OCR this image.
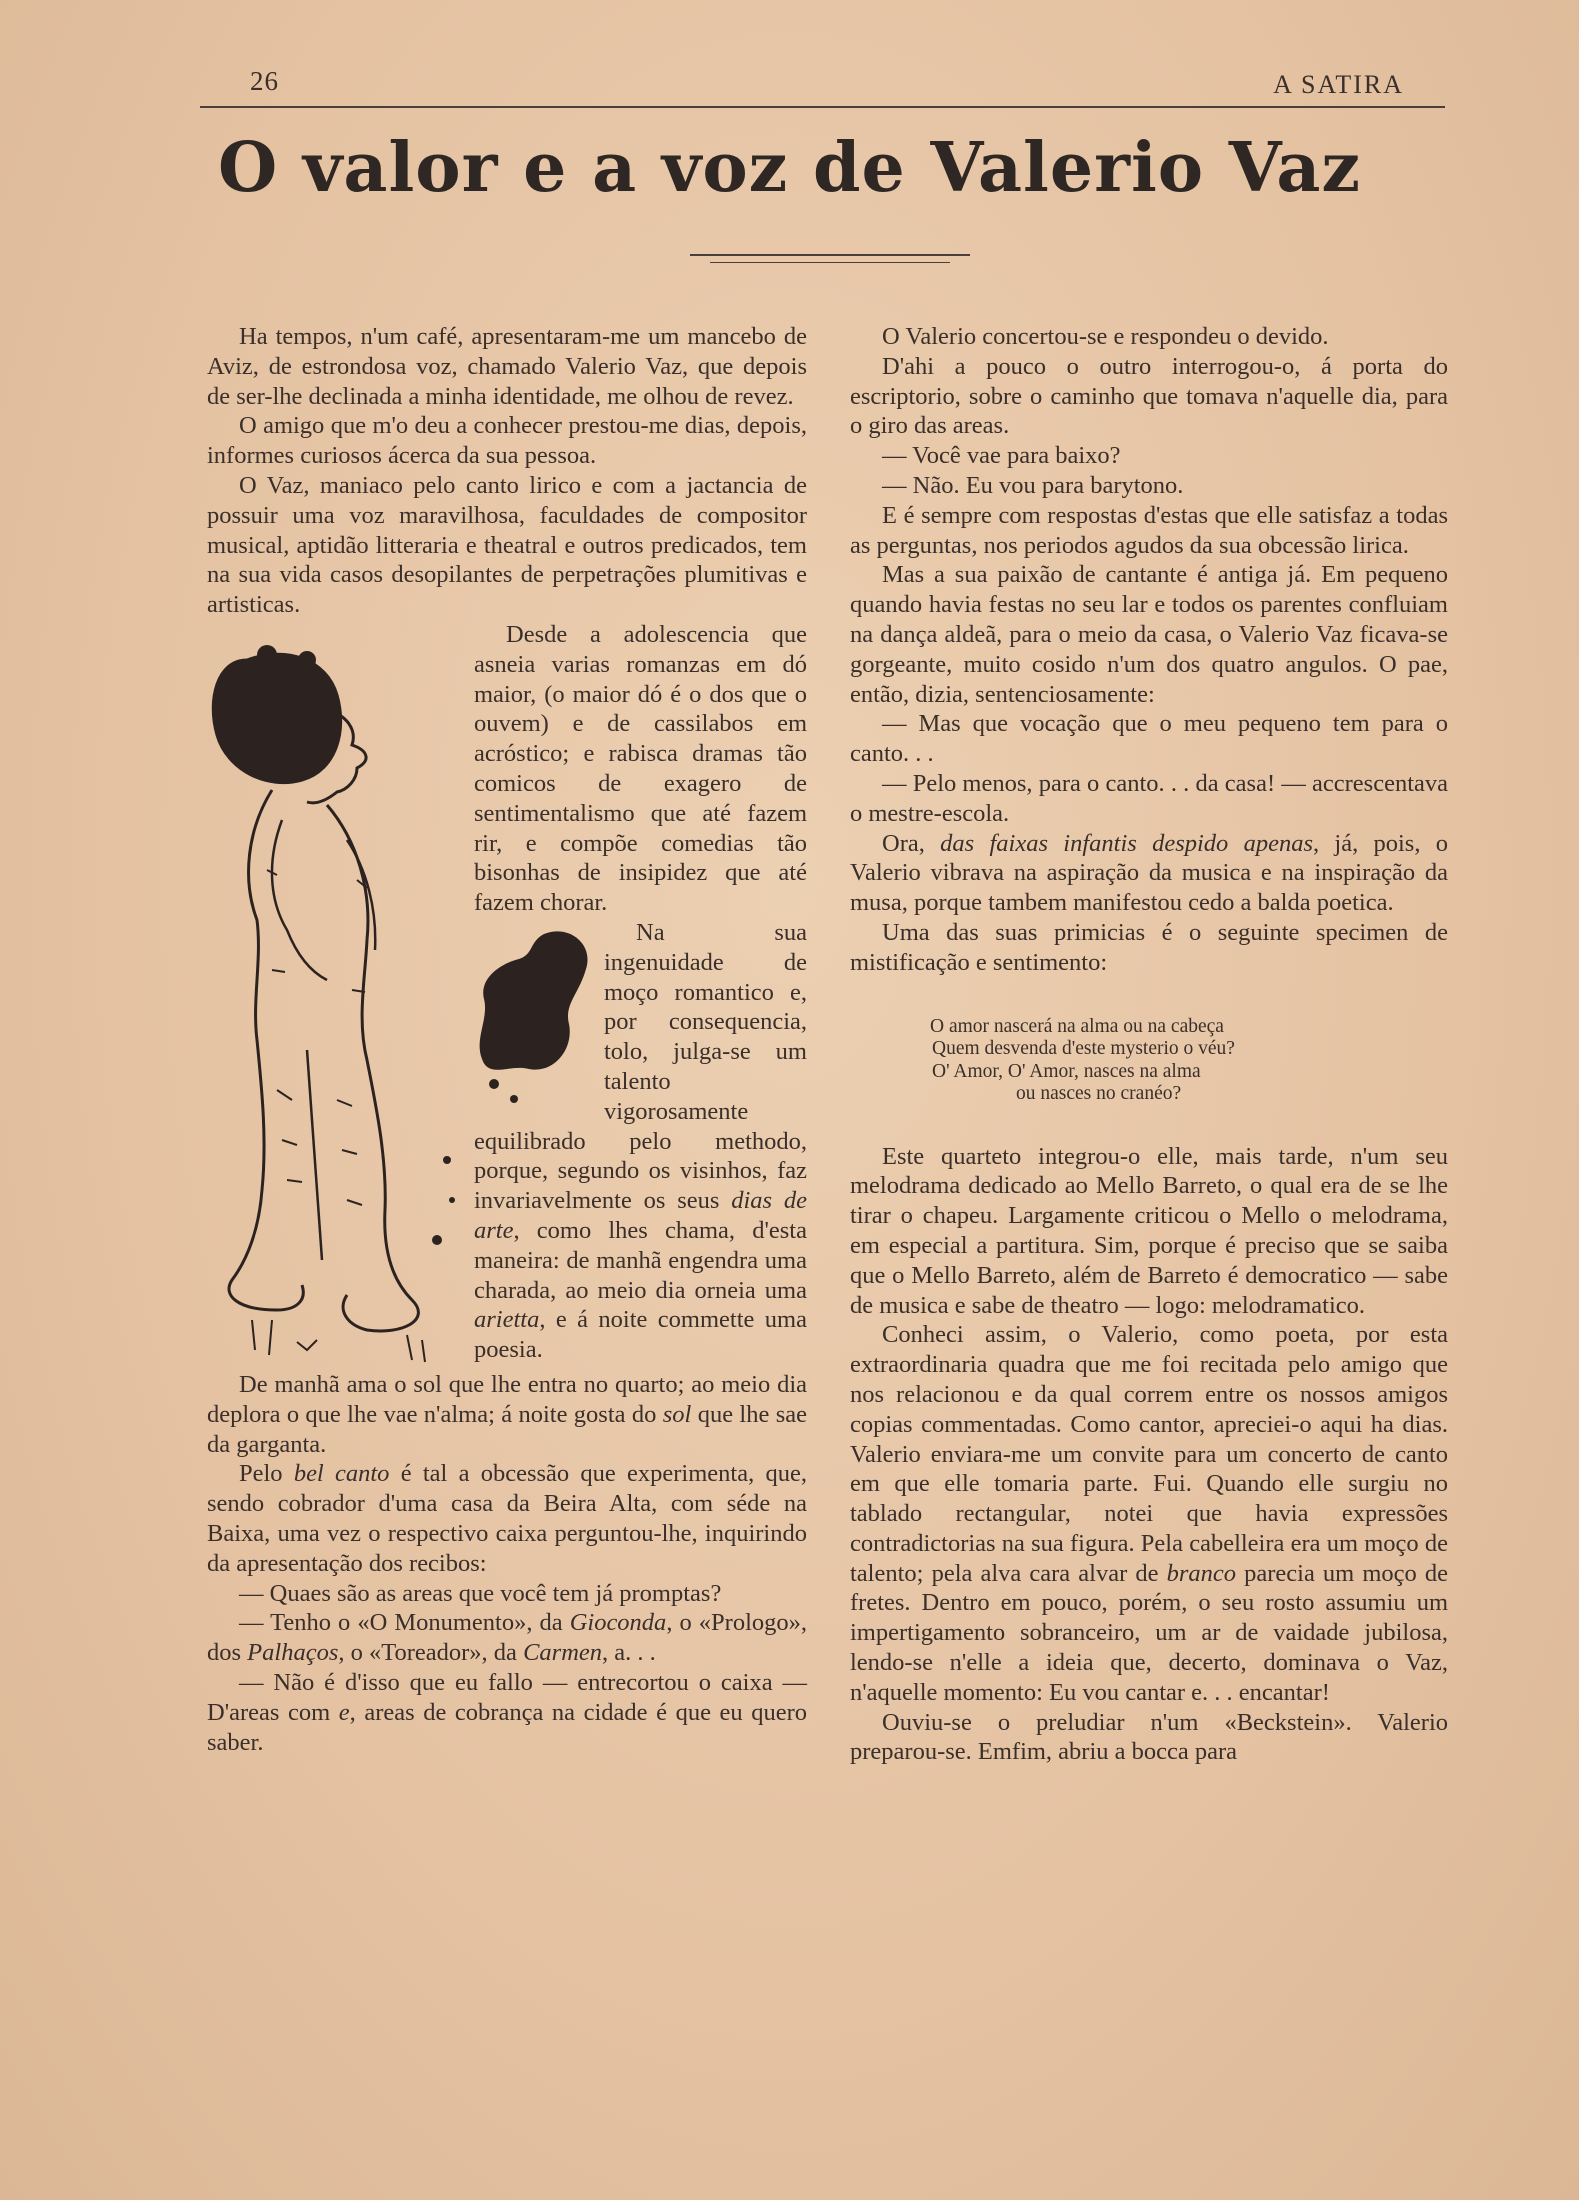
26	A SATIRA
O valor e a voz de Valerio Vaz

Ha tempos, n'um café, apresentaram-me um mancebo de Aviz, de estrondosa voz, chamado Valerio Vaz, que depois de ser-lhe declinada a minha identidade, me olhou de revez.

O amigo que m'o deu a conhecer prestou-me dias, depois, informes curiosos ácerca da sua pessoa.

O Vaz, maniaco pelo canto lirico e com a jactancia de possuir uma voz maravilhosa, faculdades de compositor musical, aptidão litteraria e theatral e outros predicados, tem na sua vida casos desopilantes de perpetrações plumitivas e artisticas.

Desde a adolescencia que asneia varias romanzas em dó maior, (o maior dó é o dos que o ouvem) e de cassilabos em acróstico; e rabisca dramas tão comicos de exagero de sentimentalismo que até fazem rir, e compõe comedias tão bisonhas de insipidez que até fazem chorar.

Na sua ingenuidade de moço romantico e, por consequencia, tolo, julga-se um talento vigorosamente equilibrado pelo methodo, porque, segundo os visinhos, faz invariavelmente os seus dias de arte, como lhes chama, d'esta maneira: de manhã engendra uma charada, ao meio dia orneia uma arietta, e á noite commette uma poesia.

De manhã ama o sol que lhe entra no quarto; ao meio dia deplora o que lhe vae n'alma; á noite gosta do sol que lhe sae da garganta.

Pelo bel canto é tal a obcessão que experimenta, que, sendo cobrador d'uma casa da Beira Alta, com séde na Baixa, uma vez o respectivo caixa perguntou-lhe, inquirindo da apresentação dos recibos:

— Quaes são as areas que você tem já promptas?

— Tenho o «O Monumento», da Gioconda, o «Prologo», dos Palhaços, o «Toreador», da Carmen, a. . .

— Não é d'isso que eu fallo — entrecortou o caixa — D'areas com e, areas de cobrança na cidade é que eu quero saber.

O Valerio concertou-se e respondeu o devido.

D'ahi a pouco o outro interrogou-o, á porta do escriptorio, sobre o caminho que tomava n'aquelle dia, para o giro das areas.

— Você vae para baixo?

— Não. Eu vou para barytono.

E é sempre com respostas d'estas que elle satisfaz a todas as perguntas, nos periodos agudos da sua obcessão lirica.

Mas a sua paixão de cantante é antiga já. Em pequeno quando havia festas no seu lar e todos os parentes confluiam na dança aldeã, para o meio da casa, o Valerio Vaz ficava-se gorgeante, muito cosido n'um dos quatro angulos. O pae, então, dizia, sentenciosamente:

— Mas que vocação que o meu pequeno tem para o canto. . .

— Pelo menos, para o canto. . . da casa! — accrescentava o mestre-escola.

Ora, das faixas infantis despido apenas, já, pois, o Valerio vibrava na aspiração da musica e na inspiração da musa, porque tambem manifestou cedo a balda poetica.

Uma das suas primicias é o seguinte specimen de mistificação e sentimento:

O amor nascerá na alma ou na cabeça
Quem desvenda d'este mysterio o véu?
O' Amor, O' Amor, nasces na alma
ou nasces no cranéo?

Este quarteto integrou-o elle, mais tarde, n'um seu melodrama dedicado ao Mello Barreto, o qual era de se lhe tirar o chapeu. Largamente criticou o Mello o melodrama, em especial a partitura. Sim, porque é preciso que se saiba que o Mello Barreto, além de Barreto é democratico — sabe de musica e sabe de theatro — logo: melodramatico.

Conheci assim, o Valerio, como poeta, por esta extraordinaria quadra que me foi recitada pelo amigo que nos relacionou e da qual correm entre os nossos amigos copias commentadas. Como cantor, apreciei-o aqui ha dias. Valerio enviara-me um convite para um concerto de canto em que elle tomaria parte. Fui. Quando elle surgiu no tablado rectangular, notei que havia expressões contradictorias na sua figura. Pela cabelleira era um moço de talento; pela alva cara alvar de branco parecia um moço de fretes. Dentro em pouco, porém, o seu rosto assumiu um impertigamento sobranceiro, um ar de vaidade jubilosa, lendo-se n'elle a ideia que, decerto, dominava o Vaz, n'aquelle momento: Eu vou cantar e. . . encantar!

Ouviu-se o preludiar n'um «Beckstein». Valerio preparou-se. Emfim, abriu a bocca para
